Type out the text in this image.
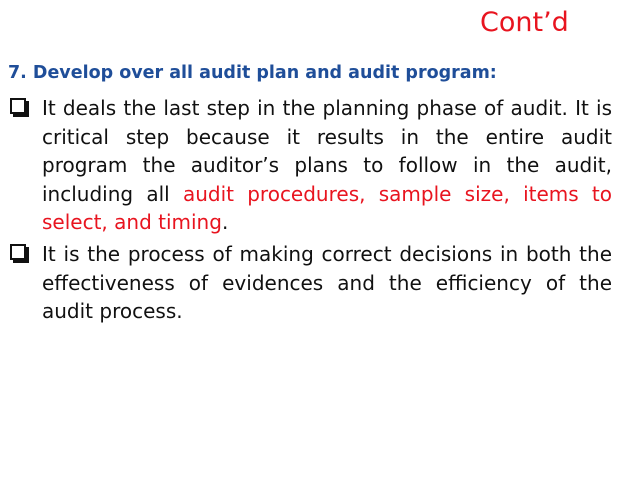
Cont’d
7. Develop over all audit plan and audit program:
It deals the last step in the planning phase of audit. It is critical step because it results in the entire audit program the auditor’s plans to follow in the audit, including all audit procedures, sample size, items to select, and timing.
It is the process of making correct decisions in both the effectiveness of evidences and the efficiency of the audit process.
